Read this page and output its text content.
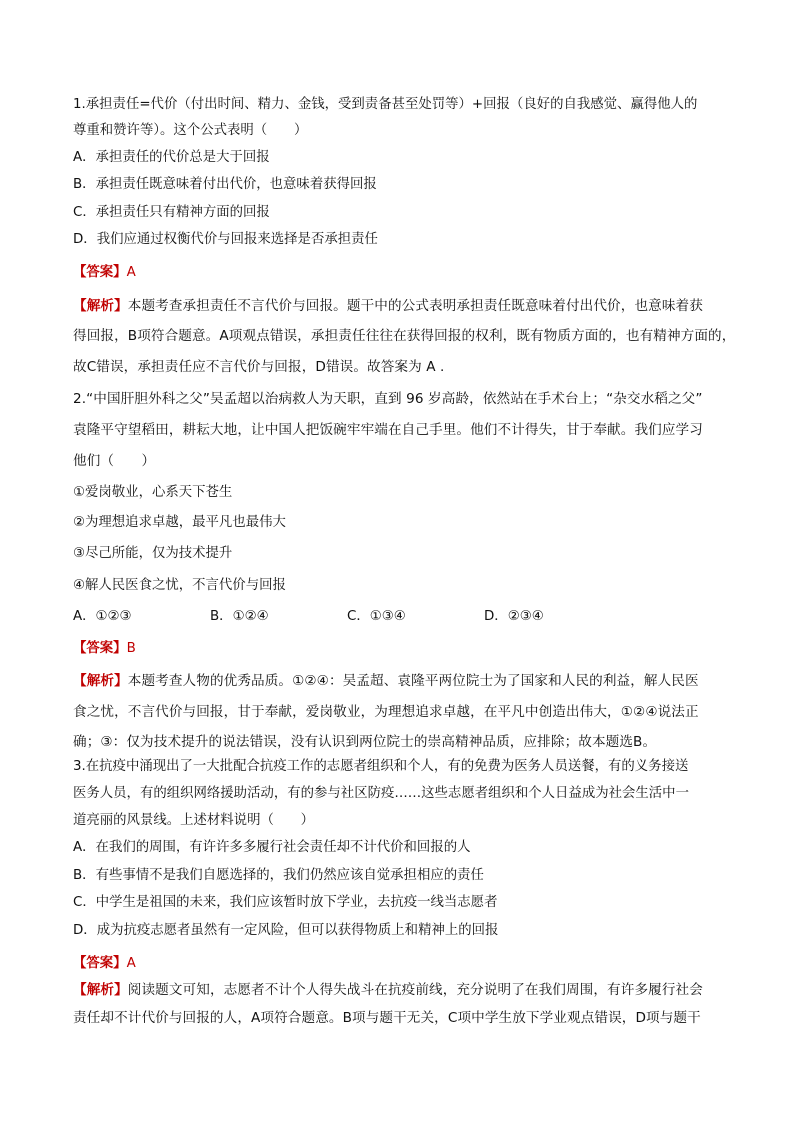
1.承担责任=代价（付出时间、精力、金钱，受到责备甚至处罚等）+回报（良好的自我感觉、赢得他人的
尊重和赞许等）。这个公式表明（　　）
A．承担责任的代价总是大于回报
B．承担责任既意味着付出代价，也意味着获得回报
C．承担责任只有精神方面的回报
D．我们应通过权衡代价与回报来选择是否承担责任
【答案】A
【解析】本题考查承担责任不言代价与回报。题干中的公式表明承担责任既意味着付出代价，也意味着获
得回报，B项符合题意。A项观点错误，承担责任往往在获得回报的权利，既有物质方面的，也有精神方面的，
故C错误，承担责任应不言代价与回报，D错误。故答案为 A .
2.“中国肝胆外科之父”吴孟超以治病救人为天职，直到 96 岁高龄，依然站在手术台上；“杂交水稻之父”
袁隆平守望稻田，耕耘大地，让中国人把饭碗牢牢端在自己手里。他们不计得失，甘于奉献。我们应学习
他们（　　）
①爱岗敬业，心系天下苍生
②为理想追求卓越，最平凡也最伟大
③尽己所能，仅为技术提升
④解人民医食之忧，不言代价与回报
A．①②③	B．①②④	C．①③④	D．②③④
【答案】B
【解析】本题考查人物的优秀品质。①②④：吴孟超、袁隆平两位院士为了国家和人民的利益，解人民医
食之忧，不言代价与回报，甘于奉献，爱岗敬业，为理想追求卓越，在平凡中创造出伟大，①②④说法正
确；③：仅为技术提升的说法错误，没有认识到两位院士的崇高精神品质，应排除；故本题选B。
3.在抗疫中涌现出了一大批配合抗疫工作的志愿者组织和个人，有的免费为医务人员送餐，有的义务接送
医务人员，有的组织网络援助活动，有的参与社区防疫……这些志愿者组织和个人日益成为社会生活中一
道亮丽的风景线。上述材料说明（　　）
A．在我们的周围，有许许多多履行社会责任却不计代价和回报的人
B．有些事情不是我们自愿选择的，我们仍然应该自觉承担相应的责任
C．中学生是祖国的未来，我们应该暂时放下学业，去抗疫一线当志愿者
D．成为抗疫志愿者虽然有一定风险，但可以获得物质上和精神上的回报
【答案】A
【解析】阅读题文可知，志愿者不计个人得失战斗在抗疫前线，充分说明了在我们周围，有许多履行社会
责任却不计代价与回报的人，A项符合题意。B项与题干无关，C项中学生放下学业观点错误，D项与题干
